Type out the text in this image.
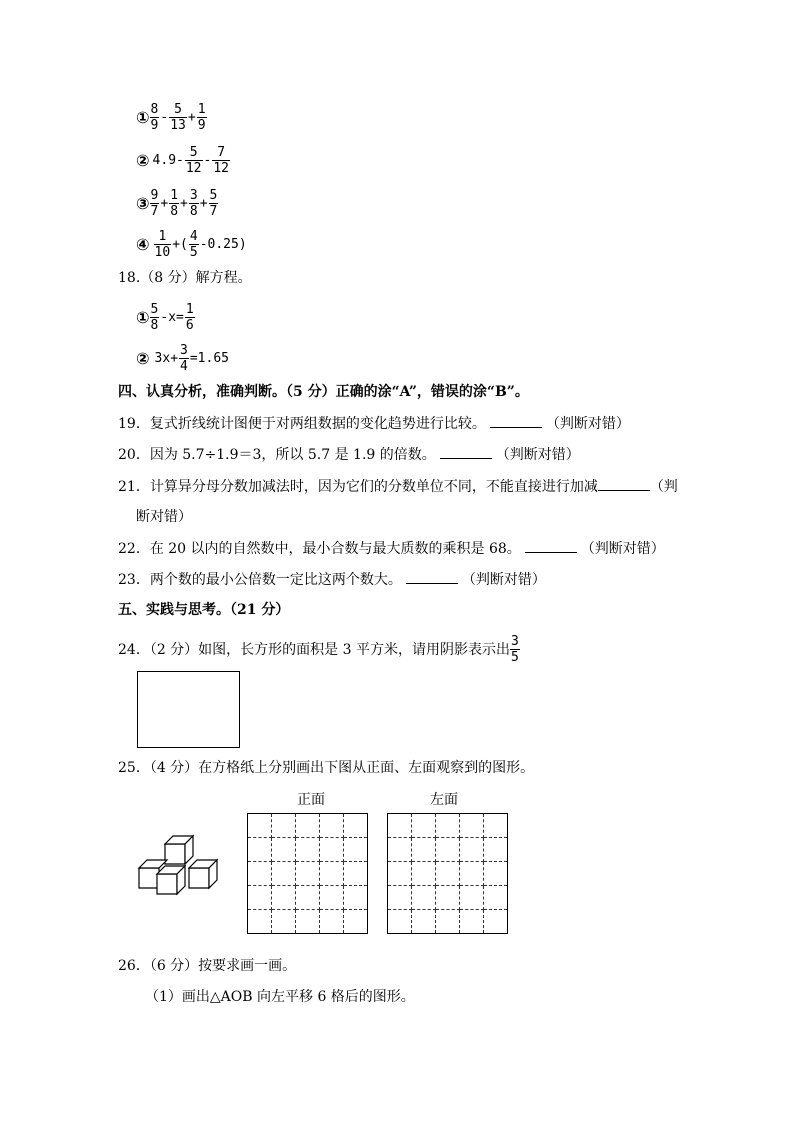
① $\frac{8}{9} - \frac{5}{13} + \frac{1}{9}$
② $4.9- \frac{5}{12} - \frac{7}{12}$
③ $\frac{9}{7} + \frac{1}{8} + \frac{3}{8} + \frac{5}{7}$
④ $\frac{1}{10}$ +( $\frac{4}{5} -0.25$)
18.（8 分）解方程。
① $\frac{5}{8} -x= \frac{1}{6}$
② $3x+ \frac{3}{4} =1.65$
四、认真分析，准确判断。（5 分）正确的涂“A”，错误的涂“B”。
19．复式折线统计图便于对两组数据的变化趋势进行比较。	（判断对错）
20．因为 5.7÷1.9＝3，所以 5.7 是 1.9 的倍数。	（判断对错）
21．计算异分母分数加减法时，因为它们的分数单位不同，不能直接进行加减	（判
断对错）
22．在 20 以内的自然数中，最小合数与最大质数的乘积是 68。	（判断对错）
23．两个数的最小公倍数一定比这两个数大。	（判断对错）
五、实践与思考。（21 分）
24．（2 分）如图，长方形的面积是 3 平方米，请用阴影表示出 $\frac{3}{5}$
25．（4 分）在方格纸上分别画出下图从正面、左面观察到的图形。
正面	左面

26．（6 分）按要求画一画。
（1）画出△AOB 向左平移 6 格后的图形。
